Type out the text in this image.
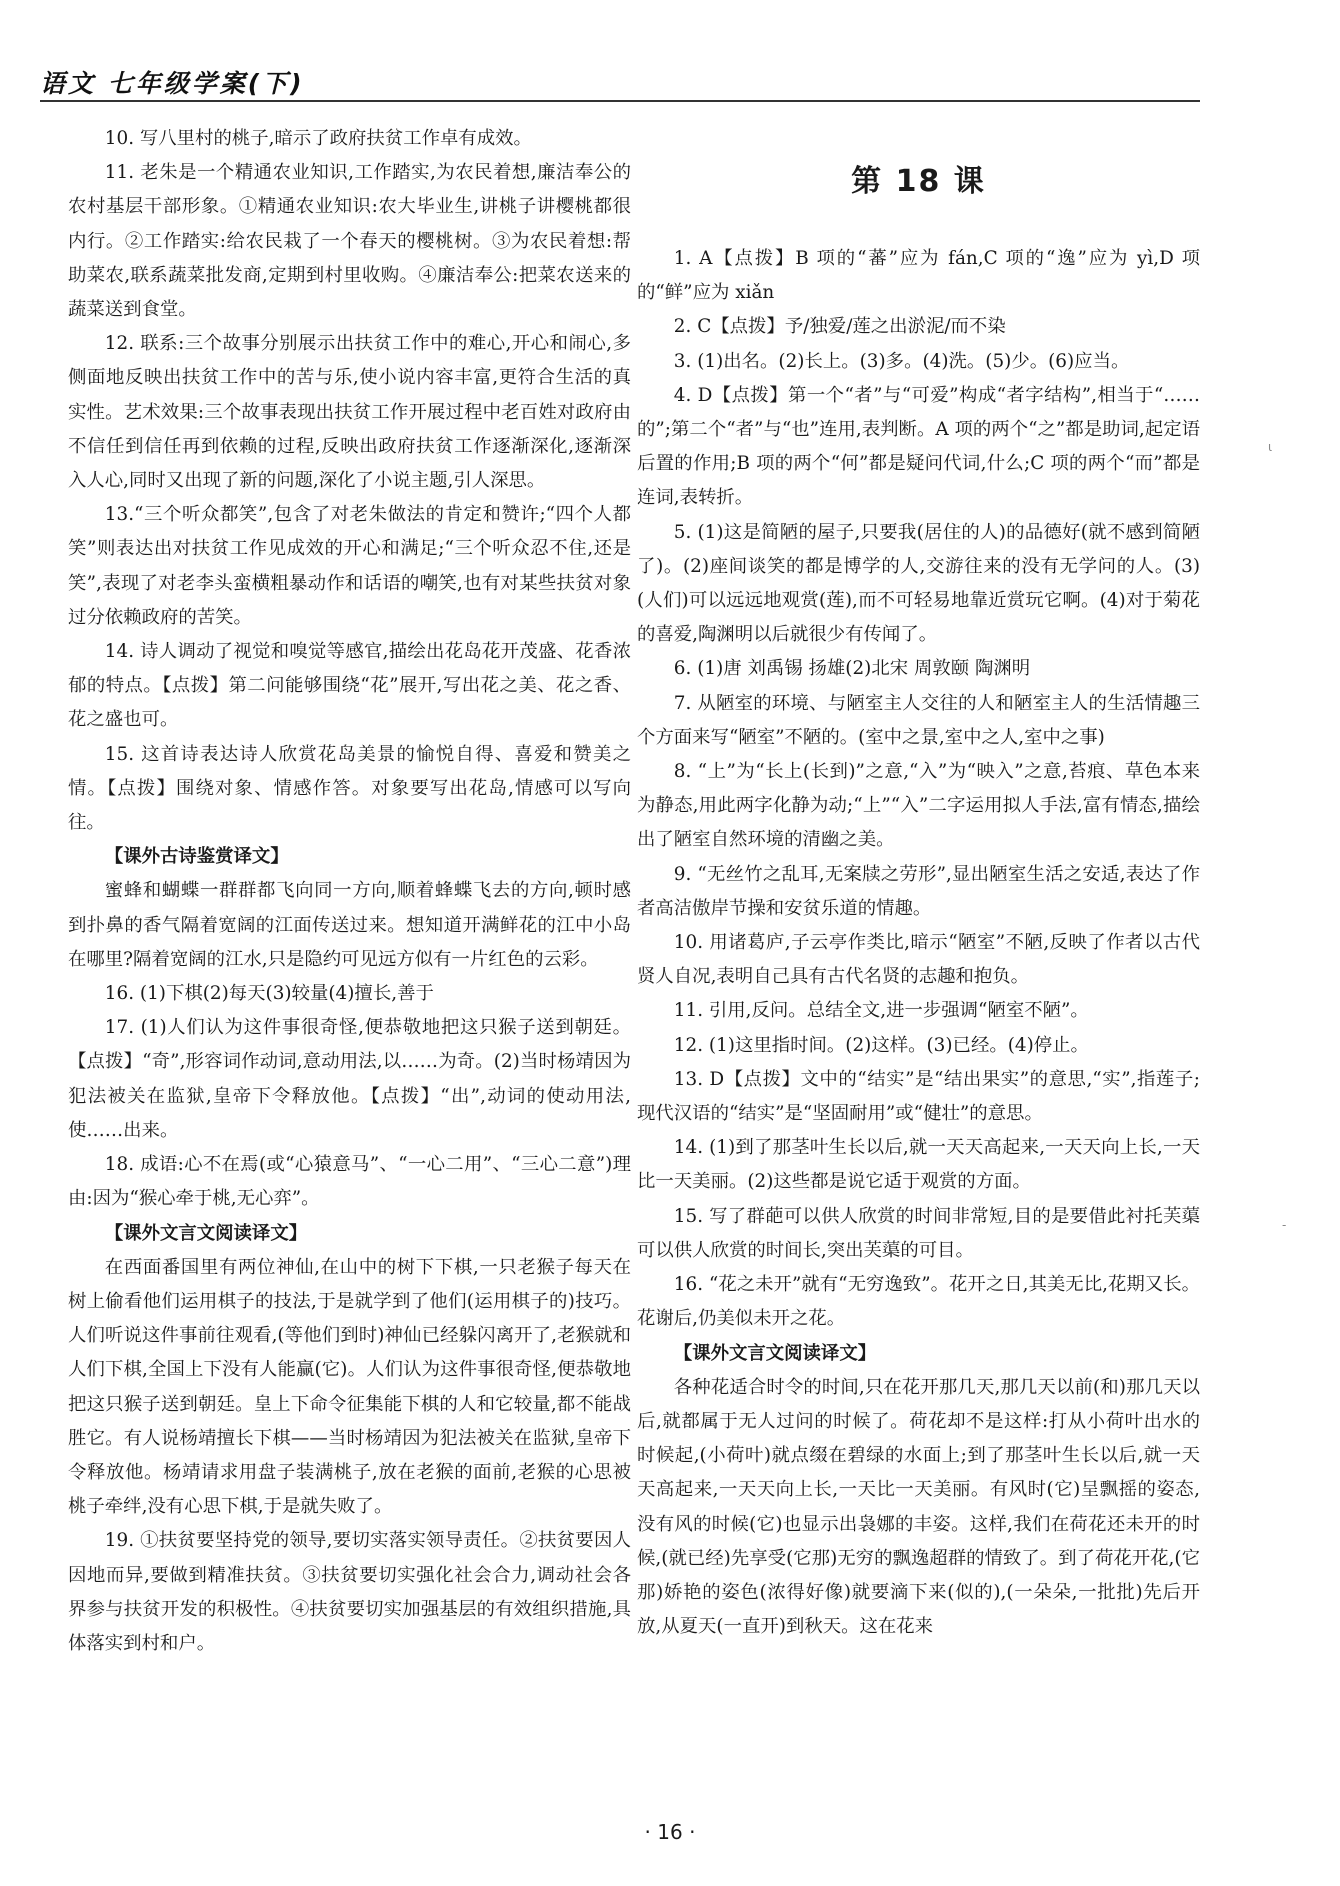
语文 七年级学案(下)

10. 写八里村的桃子,暗示了政府扶贫工作卓有成效。

11. 老朱是一个精通农业知识,工作踏实,为农民着想,廉洁奉公的农村基层干部形象。①精通农业知识:农大毕业生,讲桃子讲樱桃都很内行。②工作踏实:给农民栽了一个春天的樱桃树。③为农民着想:帮助菜农,联系蔬菜批发商,定期到村里收购。④廉洁奉公:把菜农送来的蔬菜送到食堂。

12. 联系:三个故事分别展示出扶贫工作中的难心,开心和闹心,多侧面地反映出扶贫工作中的苦与乐,使小说内容丰富,更符合生活的真实性。艺术效果:三个故事表现出扶贫工作开展过程中老百姓对政府由不信任到信任再到依赖的过程,反映出政府扶贫工作逐渐深化,逐渐深入人心,同时又出现了新的问题,深化了小说主题,引人深思。

13.“三个听众都笑”,包含了对老朱做法的肯定和赞许;“四个人都笑”则表达出对扶贫工作见成效的开心和满足;“三个听众忍不住,还是笑”,表现了对老李头蛮横粗暴动作和话语的嘲笑,也有对某些扶贫对象过分依赖政府的苦笑。

14. 诗人调动了视觉和嗅觉等感官,描绘出花岛花开茂盛、花香浓郁的特点。【点拨】第二问能够围绕“花”展开,写出花之美、花之香、花之盛也可。

15. 这首诗表达诗人欣赏花岛美景的愉悦自得、喜爱和赞美之情。【点拨】围绕对象、情感作答。对象要写出花岛,情感可以写向往。

【课外古诗鉴赏译文】

蜜蜂和蝴蝶一群群都飞向同一方向,顺着蜂蝶飞去的方向,顿时感到扑鼻的香气隔着宽阔的江面传送过来。想知道开满鲜花的江中小岛在哪里?隔着宽阔的江水,只是隐约可见远方似有一片红色的云彩。

16. (1)下棋(2)每天(3)较量(4)擅长,善于

17. (1)人们认为这件事很奇怪,便恭敬地把这只猴子送到朝廷。【点拨】“奇”,形容词作动词,意动用法,以……为奇。(2)当时杨靖因为犯法被关在监狱,皇帝下令释放他。【点拨】“出”,动词的使动用法,使……出来。

18. 成语:心不在焉(或“心猿意马”、“一心二用”、“三心二意”)理由:因为“猴心牵于桃,无心弈”。

【课外文言文阅读译文】

在西面番国里有两位神仙,在山中的树下下棋,一只老猴子每天在树上偷看他们运用棋子的技法,于是就学到了他们(运用棋子的)技巧。人们听说这件事前往观看,(等他们到时)神仙已经躲闪离开了,老猴就和人们下棋,全国上下没有人能赢(它)。人们认为这件事很奇怪,便恭敬地把这只猴子送到朝廷。皇上下命令征集能下棋的人和它较量,都不能战胜它。有人说杨靖擅长下棋——当时杨靖因为犯法被关在监狱,皇帝下令释放他。杨靖请求用盘子装满桃子,放在老猴的面前,老猴的心思被桃子牵绊,没有心思下棋,于是就失败了。

19. ①扶贫要坚持党的领导,要切实落实领导责任。②扶贫要因人因地而异,要做到精准扶贫。③扶贫要切实强化社会合力,调动社会各界参与扶贫开发的积极性。④扶贫要切实加强基层的有效组织措施,具体落实到村和户。

第 18 课

1. A【点拨】B 项的“蕃”应为 fán,C 项的“逸”应为 yì,D 项的“鲜”应为 xiǎn

2. C【点拨】予/独爱/莲之出淤泥/而不染

3. (1)出名。(2)长上。(3)多。(4)洗。(5)少。(6)应当。

4. D【点拨】第一个“者”与“可爱”构成“者字结构”,相当于“……的”;第二个“者”与“也”连用,表判断。A 项的两个“之”都是助词,起定语后置的作用;B 项的两个“何”都是疑问代词,什么;C 项的两个“而”都是连词,表转折。

5. (1)这是简陋的屋子,只要我(居住的人)的品德好(就不感到简陋了)。(2)座间谈笑的都是博学的人,交游往来的没有无学问的人。(3)(人们)可以远远地观赏(莲),而不可轻易地靠近赏玩它啊。(4)对于菊花的喜爱,陶渊明以后就很少有传闻了。

6. (1)唐 刘禹锡 扬雄(2)北宋 周敦颐 陶渊明

7. 从陋室的环境、与陋室主人交往的人和陋室主人的生活情趣三个方面来写“陋室”不陋的。(室中之景,室中之人,室中之事)

8. “上”为“长上(长到)”之意,“入”为“映入”之意,苔痕、草色本来为静态,用此两字化静为动;“上”“入”二字运用拟人手法,富有情态,描绘出了陋室自然环境的清幽之美。

9. “无丝竹之乱耳,无案牍之劳形”,显出陋室生活之安适,表达了作者高洁傲岸节操和安贫乐道的情趣。

10. 用诸葛庐,子云亭作类比,暗示“陋室”不陋,反映了作者以古代贤人自况,表明自己具有古代名贤的志趣和抱负。

11. 引用,反问。总结全文,进一步强调“陋室不陋”。

12. (1)这里指时间。(2)这样。(3)已经。(4)停止。

13. D【点拨】文中的“结实”是“结出果实”的意思,“实”,指莲子;现代汉语的“结实”是“坚固耐用”或“健壮”的意思。

14. (1)到了那茎叶生长以后,就一天天高起来,一天天向上长,一天比一天美丽。(2)这些都是说它适于观赏的方面。

15. 写了群葩可以供人欣赏的时间非常短,目的是要借此衬托芙蕖可以供人欣赏的时间长,突出芙蕖的可目。

16. “花之未开”就有“无穷逸致”。花开之日,其美无比,花期又长。花谢后,仍美似未开之花。

【课外文言文阅读译文】

各种花适合时令的时间,只在花开那几天,那几天以前(和)那几天以后,就都属于无人过问的时候了。荷花却不是这样:打从小荷叶出水的时候起,(小荷叶)就点缀在碧绿的水面上;到了那茎叶生长以后,就一天天高起来,一天天向上长,一天比一天美丽。有风时(它)呈飘摇的姿态,没有风的时候(它)也显示出袅娜的丰姿。这样,我们在荷花还未开的时候,(就已经)先享受(它那)无穷的飘逸超群的情致了。到了荷花开花,(它那)娇艳的姿色(浓得好像)就要滴下来(似的),(一朵朵,一批批)先后开放,从夏天(一直开)到秋天。这在花来

ι
-
· 16 ·
